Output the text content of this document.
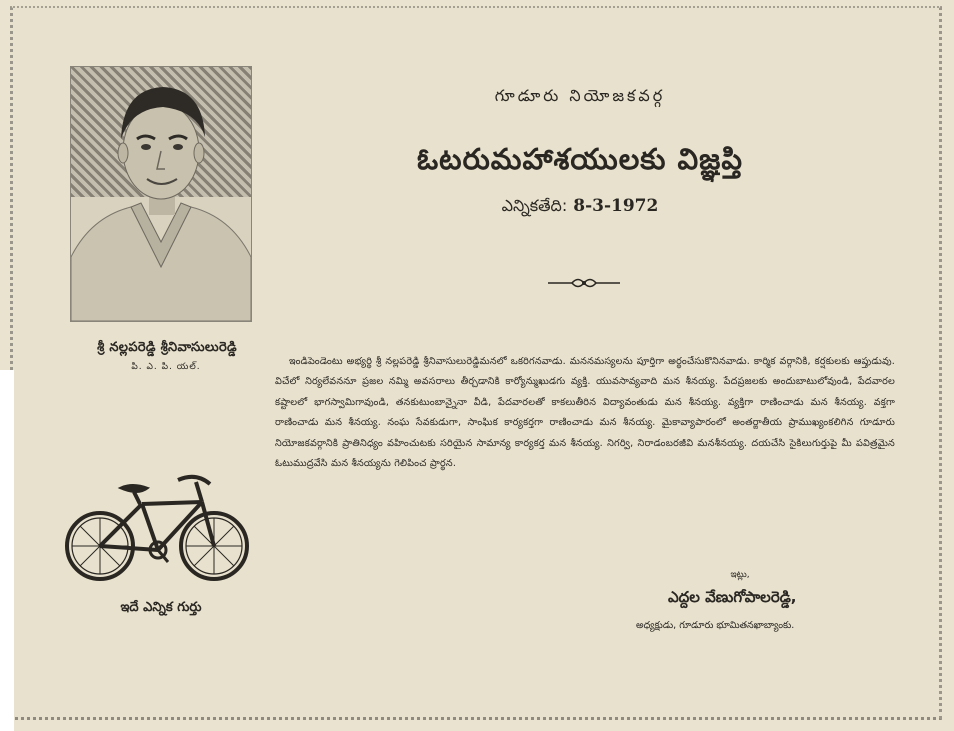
శ్రీ నల్లపరెడ్డి శ్రీనివాసులురెడ్డి
పి. ఎ. పి. యల్.
ఇదే ఎన్నిక గుర్తు
గూడూరు నియోజకవర్గ
ఓటరుమహాశయులకు విజ్ఞప్తి
ఎన్నికతేది: 8-3-1972
ఇండిపెండెంటు అభ్యర్థి శ్రీ నల్లపరెడ్డి శ్రీనివాసులురెడ్డిమనలో ఒకరిగనవాడు. మననమస్యలను పూర్తిగా అర్థంచేసుకొనినవాడు. కార్మిక వర్గానికి, కర్షకులకు ఆప్తుడువు. విచేలో నిర్యలేవననూ ప్రజల నమ్మి అవసరాలు తీర్చడానికి కార్యోన్ముఖుడగు వ్యక్తి. యువసావ్యవాది మన శీనయ్య. పేదప్రజలకు అందుబాటులోవుండి, పేదవారల కష్టాలలో భాగస్వామిగావుండి, తనకుటుంబాన్నైనా వీడి, పేదవారలతో కాకలుతీరిన విద్యావంతుడు మన శీనయ్య. వ్యక్తిగా రాణించాడు మన శీనయ్య. వక్తగా రాణించాడు మన శీనయ్య. నంఘ సేవకుడుగా, సాంఘిక కార్యకర్తగా రాణించాడు మన శీనయ్య. మైకావ్యాపారంలో అంతర్జాతీయ ప్రాముఖ్యంకలిగిన గూడూరు నియోజకవర్గానికి ప్రాతినిధ్యం వహించుటకు సరియైన సామాన్య కార్యకర్త మన శీనయ్య. నిగర్వి, నిరాడంబరజీవి మనశీనయ్య. దయచేసి సైకిలుగుర్తుపై మీ పవిత్రమైన ఓటుముద్రవేసి మన శీనయ్యను గెలిపించ ప్రార్థన.
ఇట్లు,
ఎద్దల వేణుగోపాలరెడ్డి,
అధ్యక్షుడు, గూడూరు భూమితనఖాబ్యాంకు.
